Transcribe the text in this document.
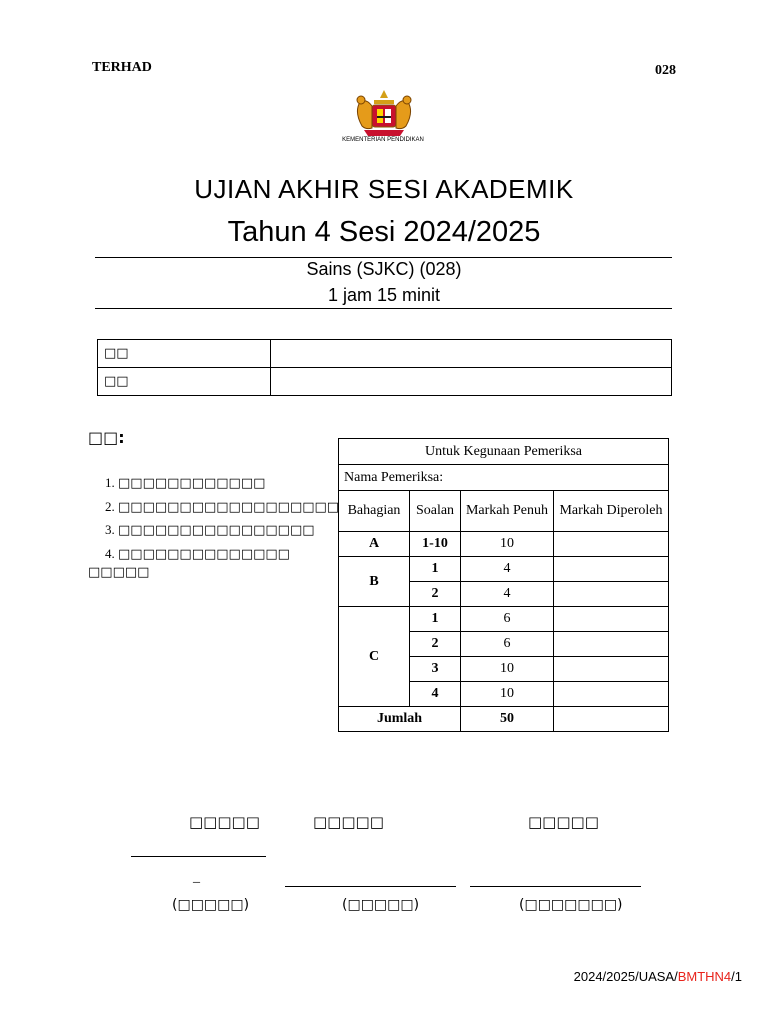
TERHAD	028
KEMENTERIAN PENDIDIKAN
UJIAN AKHIR SESI AKADEMIK
Tahun 4 Sesi 2024/2025
Sains (SJKC) (028)
1 jam 15 minit
□□	
□□	
□□:
1. □□□□□□□□□□□□
2. □□□□□□□□□□□□□□□□□□
3. □□□□□□□□□□□□□□□□
4. □□□□□□□□□□□□□□
□□□□□
Untuk Kegunaan Pemeriksa			
Nama Pemeriksa:			
Bahagian	Soalan	Markah Penuh	Markah Diperoleh
A	1-10	10	
B	1	4	
	2	4	
C	1	6	
	2	6	
	3	10	
	4	10	
Jumlah		50	
□□□□□	□□□□□	□□□□□
_
(□□□□□)	(□□□□□)	(□□□□□□□)
2024/2025/UASA/BMTHN4/1
